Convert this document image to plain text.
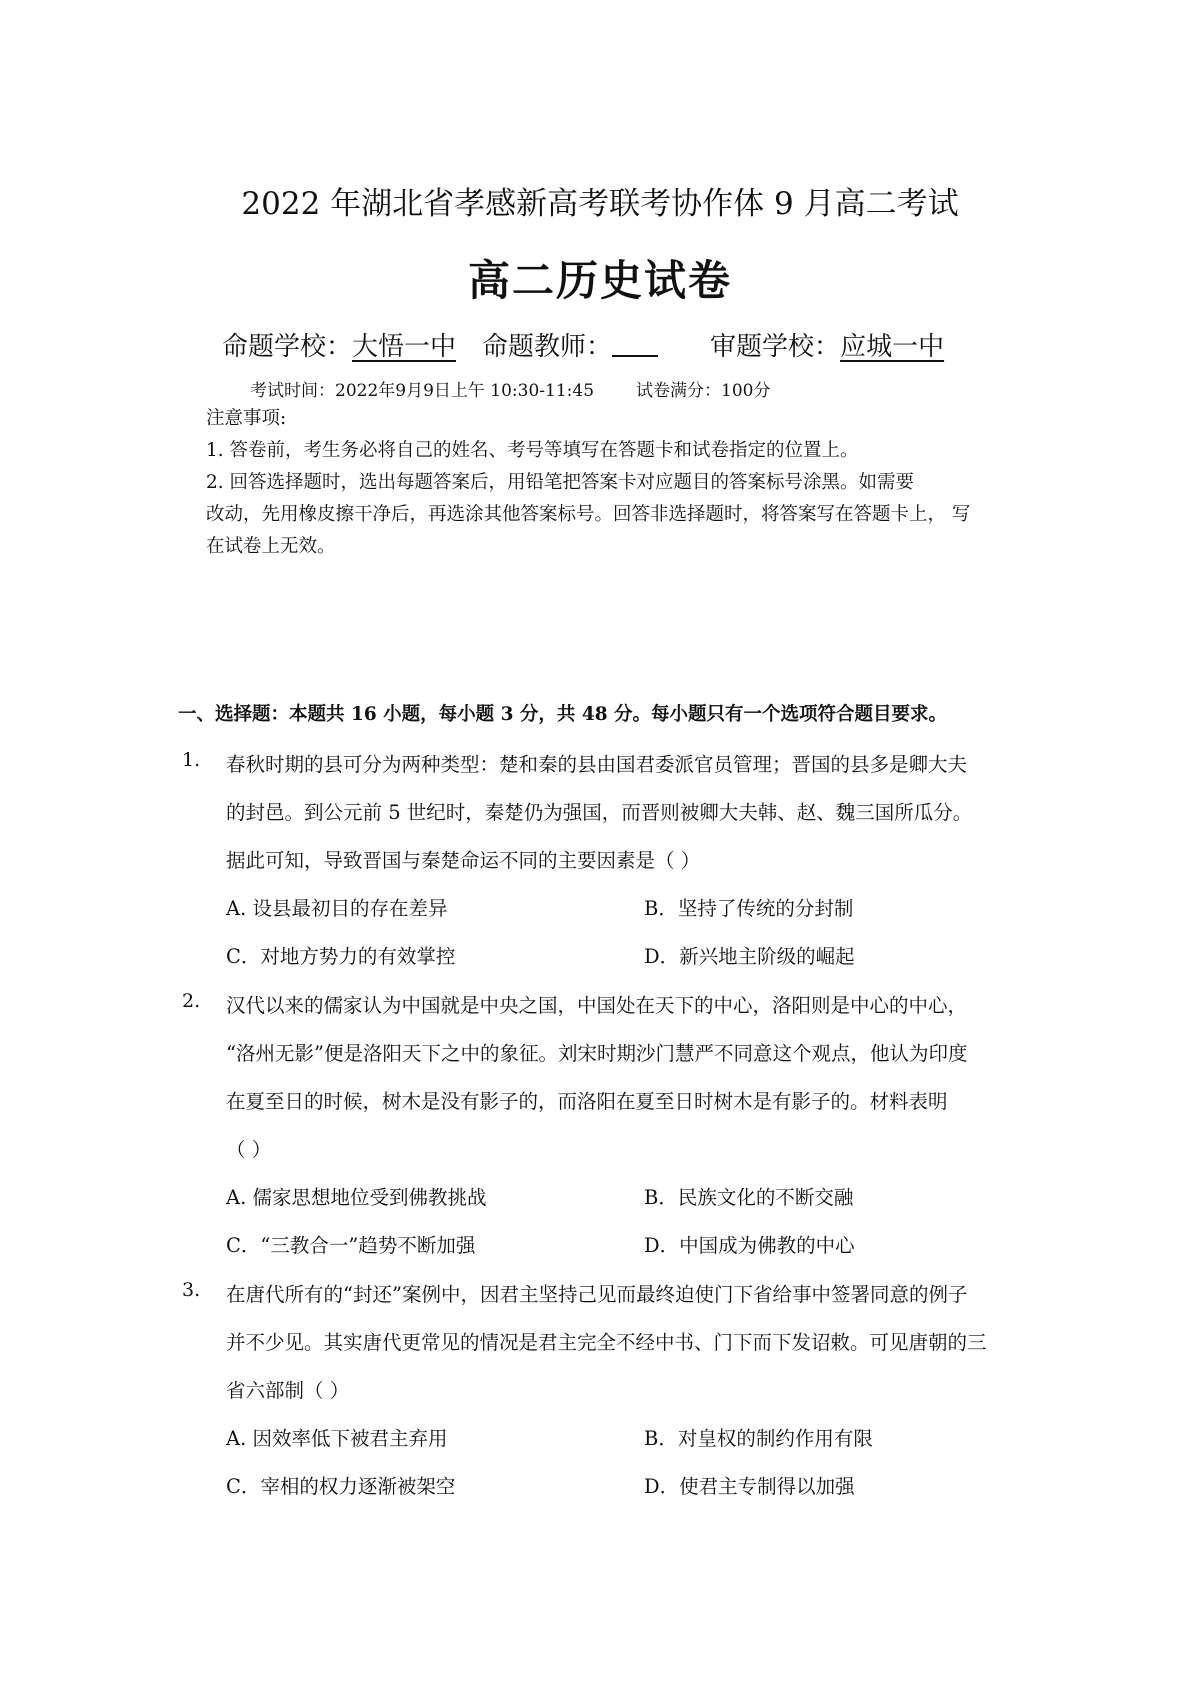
2022 年湖北省孝感新高考联考协作体 9 月高二考试
高二历史试卷
命题学校：大悟一中 命题教师：	审题学校：应城一中
考试时间：2022年9月9日上午 10:30-11:45 试卷满分：100分
注意事项:
1. 答卷前，考生务必将自己的姓名、考号等填写在答题卡和试卷指定的位置上。
2. 回答选择题时，选出每题答案后，用铅笔把答案卡对应题目的答案标号涂黑。如需要
改动，先用橡皮擦干净后，再选涂其他答案标号。回答非选择题时，将答案写在答题卡上， 写
在试卷上无效。
一、选择题：本题共 16 小题，每小题 3 分，共 48 分。每小题只有一个选项符合题目要求。
1. 春秋时期的县可分为两种类型：楚和秦的县由国君委派官员管理；晋国的县多是卿大夫
的封邑。到公元前 5 世纪时，秦楚仍为强国，而晋则被卿大夫韩、赵、魏三国所瓜分。
据此可知，导致晋国与秦楚命运不同的主要因素是（ ）
A. 设县最初目的存在差异	B．坚持了传统的分封制
C．对地方势力的有效掌控	D．新兴地主阶级的崛起
2. 汉代以来的儒家认为中国就是中央之国，中国处在天下的中心，洛阳则是中心的中心，
“洛州无影”便是洛阳天下之中的象征。刘宋时期沙门慧严不同意这个观点，他认为印度
在夏至日的时候，树木是没有影子的，而洛阳在夏至日时树木是有影子的。材料表明
（ ）
A. 儒家思想地位受到佛教挑战	B．民族文化的不断交融
C．“三教合一”趋势不断加强	D．中国成为佛教的中心
3. 在唐代所有的“封还”案例中，因君主坚持己见而最终迫使门下省给事中签署同意的例子
并不少见。其实唐代更常见的情况是君主完全不经中书、门下而下发诏敕。可见唐朝的三
省六部制（ ）
A. 因效率低下被君主弃用	B．对皇权的制约作用有限
C．宰相的权力逐渐被架空	D．使君主专制得以加强
